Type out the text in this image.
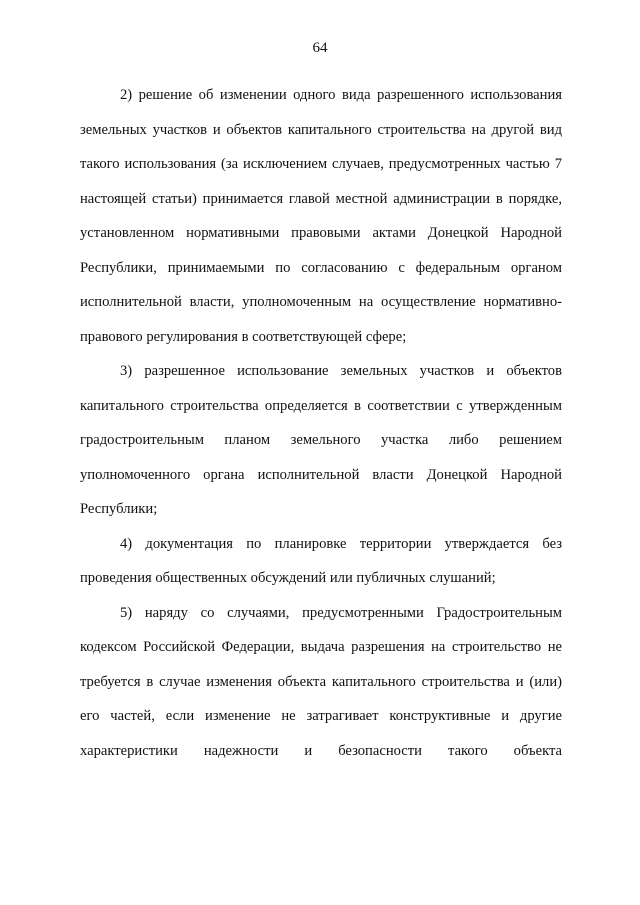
64

2) решение об изменении одного вида разрешенного использования земельных участков и объектов капитального строительства на другой вид такого использования (за исключением случаев, предусмотренных частью 7 настоящей статьи) принимается главой местной администрации в порядке, установленном нормативными правовыми актами Донецкой Народной Республики, принимаемыми по согласованию с федеральным органом исполнительной власти, уполномоченным на осуществление нормативно-правового регулирования в соответствующей сфере;

3) разрешенное использование земельных участков и объектов капитального строительства определяется в соответствии с утвержденным градостроительным планом земельного участка либо решением уполномоченного органа исполнительной власти Донецкой Народной Республики;

4) документация по планировке территории утверждается без проведения общественных обсуждений или публичных слушаний;

5) наряду со случаями, предусмотренными Градостроительным кодексом Российской Федерации, выдача разрешения на строительство не требуется в случае изменения объекта капитального строительства и (или) его частей, если изменение не затрагивает конструктивные и другие характеристики надежности и безопасности такого объекта
